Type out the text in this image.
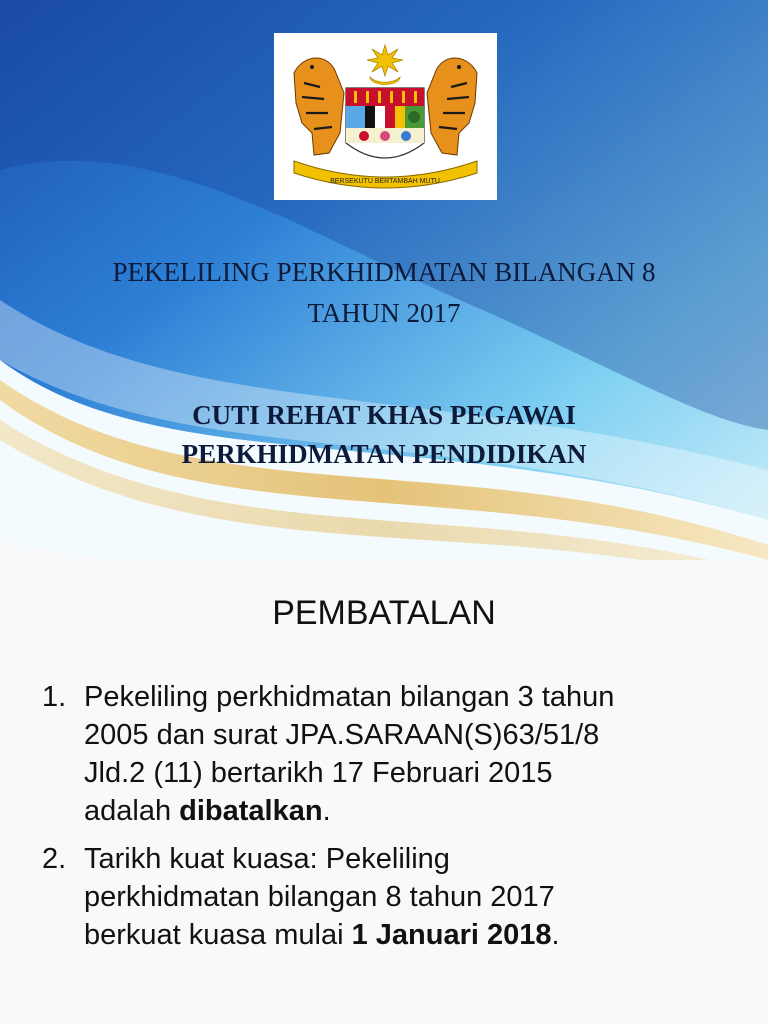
BERSEKUTU BERTAMBAH MUTU
PEKELILING PERKHIDMATAN BILANGAN 8
TAHUN 2017
CUTI REHAT KHAS PEGAWAI
PERKHIDMATAN PENDIDIKAN
PEMBATALAN
1. Pekeliling perkhidmatan bilangan 3 tahun
2005 dan surat JPA.SARAAN(S)63/51/8
Jld.2 (11) bertarikh 17 Februari 2015
adalah dibatalkan.
2. Tarikh kuat kuasa: Pekeliling
perkhidmatan bilangan 8 tahun 2017
berkuat kuasa mulai 1 Januari 2018.
